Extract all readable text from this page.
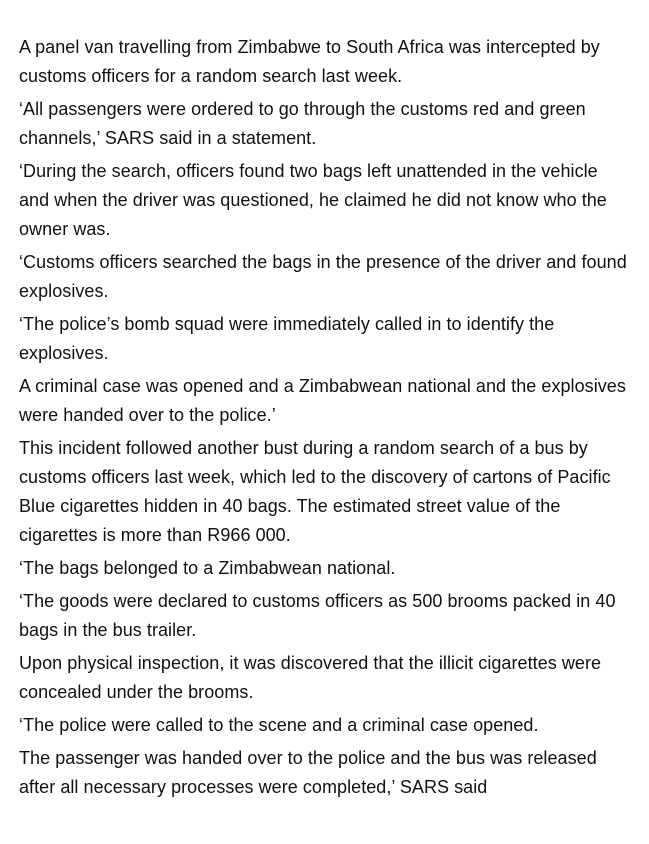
A panel van travelling from Zimbabwe to South Africa was intercepted by customs officers for a random search last week.

‘All passengers were ordered to go through the customs red and green channels,’ SARS said in a statement.

‘During the search, officers found two bags left unattended in the vehicle and when the driver was questioned, he claimed he did not know who the owner was.

‘Customs officers searched the bags in the presence of the driver and found explosives.

‘The police’s bomb squad were immediately called in to identify the explosives.

A criminal case was opened and a Zimbabwean national and the explosives were handed over to the police.’

This incident followed another bust during a random search of a bus by customs officers last week, which led to the discovery of cartons of Pacific Blue cigarettes hidden in 40 bags. The estimated street value of the cigarettes is more than R966 000.

‘The bags belonged to a Zimbabwean national.

‘The goods were declared to customs officers as 500 brooms packed in 40 bags in the bus trailer.

Upon physical inspection, it was discovered that the illicit cigarettes were concealed under the brooms.

‘The police were called to the scene and a criminal case opened.

The passenger was handed over to the police and the bus was released after all necessary processes were completed,’ SARS said
